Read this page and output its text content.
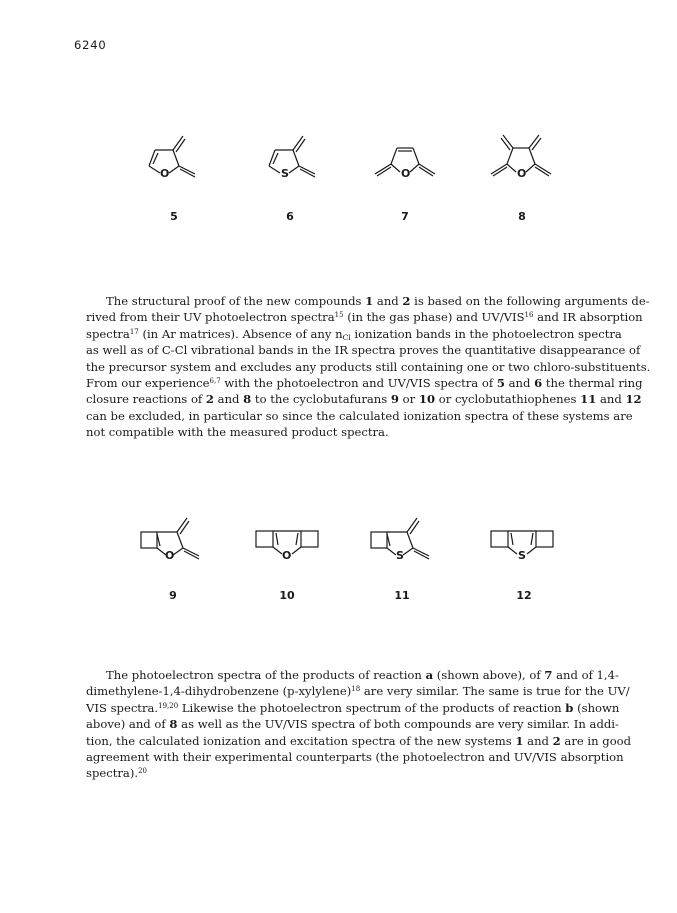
6240
O
5
S
6
O
7
O
8
The structural proof of the new compounds 1 and 2 is based on the following arguments de-
rived from their UV photoelectron spectra$^{15}$ (in the gas phase) and UV/VIS$^{16}$ and IR absorption
spectra$^{17}$ (in Ar matrices). Absence of any $n_{Cl}$ ionization bands in the photoelectron spectra
as well as of C-Cl vibrational bands in the IR spectra proves the quantitative disappearance of
the precursor system and excludes any products still containing one or two chloro-substituents.
From our experience$^{6,7}$ with the photoelectron and UV/VIS spectra of 5 and 6 the thermal ring
closure reactions of 2 and 8 to the cyclobutafurans 9 or 10 or cyclobutathiophenes 11 and 12
can be excluded, in particular so since the calculated ionization spectra of these systems are
not compatible with the measured product spectra.
O
9
O
10
S
11
S
12
The photoelectron spectra of the products of reaction a (shown above), of 7 and of 1,4-
dimethylene-1,4-dihydrobenzene (p-xylylene)$^{18}$ are very similar. The same is true for the UV/
VIS spectra.$^{19,20}$ Likewise the photoelectron spectrum of the products of reaction b (shown
above) and of 8 as well as the UV/VIS spectra of both compounds are very similar. In addi-
tion, the calculated ionization and excitation spectra of the new systems 1 and 2 are in good
agreement with their experimental counterparts (the photoelectron and UV/VIS absorption
spectra).$^{20}$
